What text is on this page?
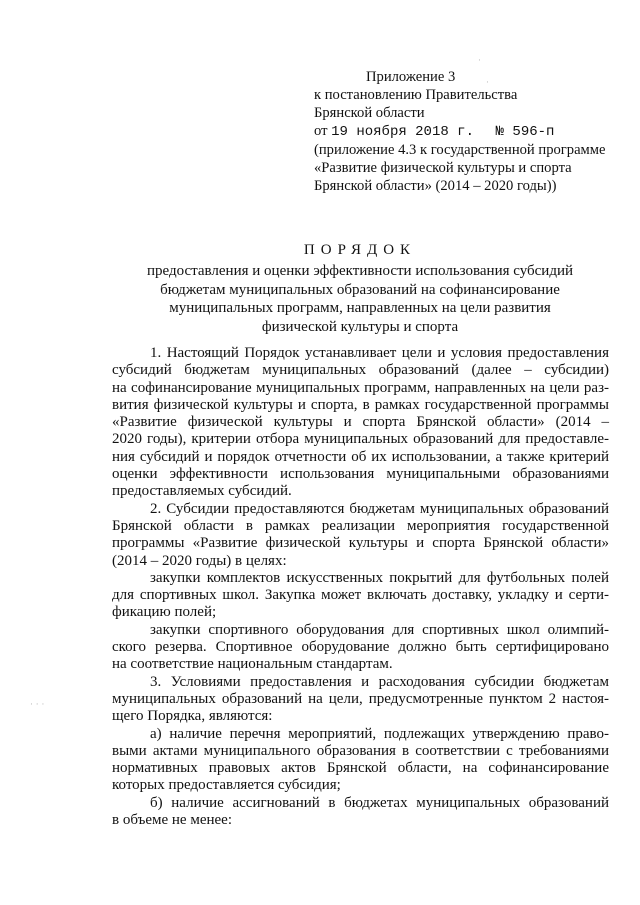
Приложение 3
к постановлению Правительства
Брянской области
от 19 ноября 2018 г. № 596-п
(приложение 4.3 к государственной программе
«Развитие физической культуры и спорта
Брянской области» (2014 – 2020 годы))
ПОРЯДОК
предоставления и оценки эффективности использования субсидий
бюджетам муниципальных образований на софинансирование
муниципальных программ, направленных на цели развития
физической культуры и спорта
1. Настоящий Порядок устанавливает цели и условия предоставления
субсидий бюджетам муниципальных образований (далее – субсидии)
на софинансирование муниципальных программ, направленных на цели раз-
вития физической культуры и спорта, в рамках государственной программы
«Развитие физической культуры и спорта Брянской области» (2014 –
2020 годы), критерии отбора муниципальных образований для предоставле-
ния субсидий и порядок отчетности об их использовании, а также критерий
оценки эффективности использования муниципальными образованиями
предоставляемых субсидий.
2. Субсидии предоставляются бюджетам муниципальных образований
Брянской области в рамках реализации мероприятия государственной
программы «Развитие физической культуры и спорта Брянской области»
(2014 – 2020 годы) в целях:
закупки комплектов искусственных покрытий для футбольных полей
для спортивных школ. Закупка может включать доставку, укладку и серти-
фикацию полей;
закупки спортивного оборудования для спортивных школ олимпий-
ского резерва. Спортивное оборудование должно быть сертифицировано
на соответствие национальным стандартам.
3. Условиями предоставления и расходования субсидии бюджетам
муниципальных образований на цели, предусмотренные пунктом 2 настоя-
щего Порядка, являются:
а) наличие перечня мероприятий, подлежащих утверждению право-
выми актами муниципального образования в соответствии с требованиями
нормативных правовых актов Брянской области, на софинансирование
которых предоставляется субсидия;
б) наличие ассигнований в бюджетах муниципальных образований
в объеме не менее:
·
·
· · ·
